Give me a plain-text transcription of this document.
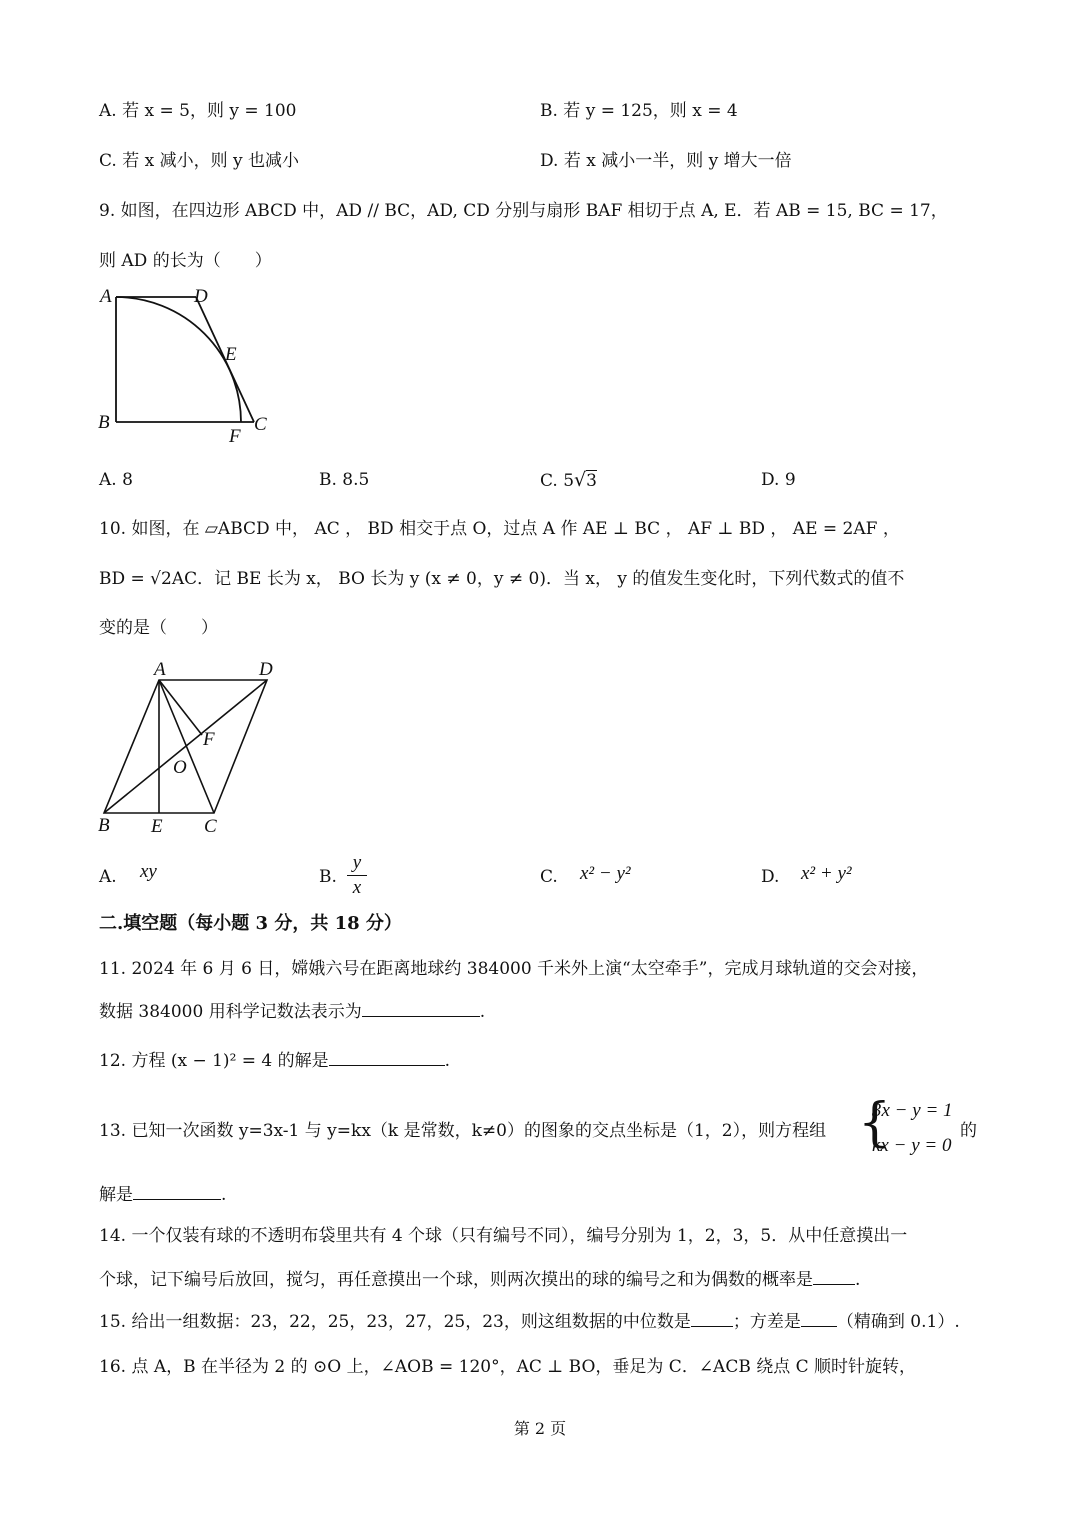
A. 若 x = 5，则 y = 100	B. 若 y = 125，则 x = 4
C. 若 x 减小，则 y 也减小	D. 若 x 减小一半，则 y 增大一倍
9. 如图，在四边形 ABCD 中，AD // BC，AD, CD 分别与扇形 BAF 相切于点 A, E．若 AB = 15, BC = 17，
则 AD 的长为（　　）
A	D
E
B
F
C
A. 8	B. 8.5	C. 5√3	D. 9
10. 如图，在 ▱ABCD 中， AC ， BD 相交于点 O，过点 A 作 AE ⊥ BC ， AF ⊥ BD ， AE = 2AF ，
BD = √2AC．记 BE 长为 x， BO 长为 y (x ≠ 0，y ≠ 0)．当 x， y 的值发生变化时，下列代数式的值不
变的是（　　）
A	D
F
O
B E C
A. xy	B.
y
x	C. x² − y²	D. x² + y²
二.填空题（每小题 3 分，共 18 分）
11. 2024 年 6 月 6 日，嫦娥六号在距离地球约 384000 千米外上演“太空牵手”，完成月球轨道的交会对接，
数据 384000 用科学记数法表示为	.
12. 方程 (x − 1)² = 4 的解是	.
13. 已知一次函数 y=3x-1 与 y=kx（k 是常数，k≠0）的图象的交点坐标是（1，2），则方程组 {
3x − y = 1
kx − y = 0
的
解是	.
14. 一个仅装有球的不透明布袋里共有 4 个球（只有编号不同），编号分别为 1，2，3，5．从中任意摸出一
个球，记下编号后放回，搅匀，再任意摸出一个球，则两次摸出的球的编号之和为偶数的概率是 .
15. 给出一组数据：23，22，25，23，27，25，23，则这组数据的中位数是 ；方差是 （精确到 0.1）.
16. 点 A，B 在半径为 2 的 ⊙O 上，∠AOB = 120°，AC ⊥ BO，垂足为 C．∠ACB 绕点 C 顺时针旋转，
第 2 页
